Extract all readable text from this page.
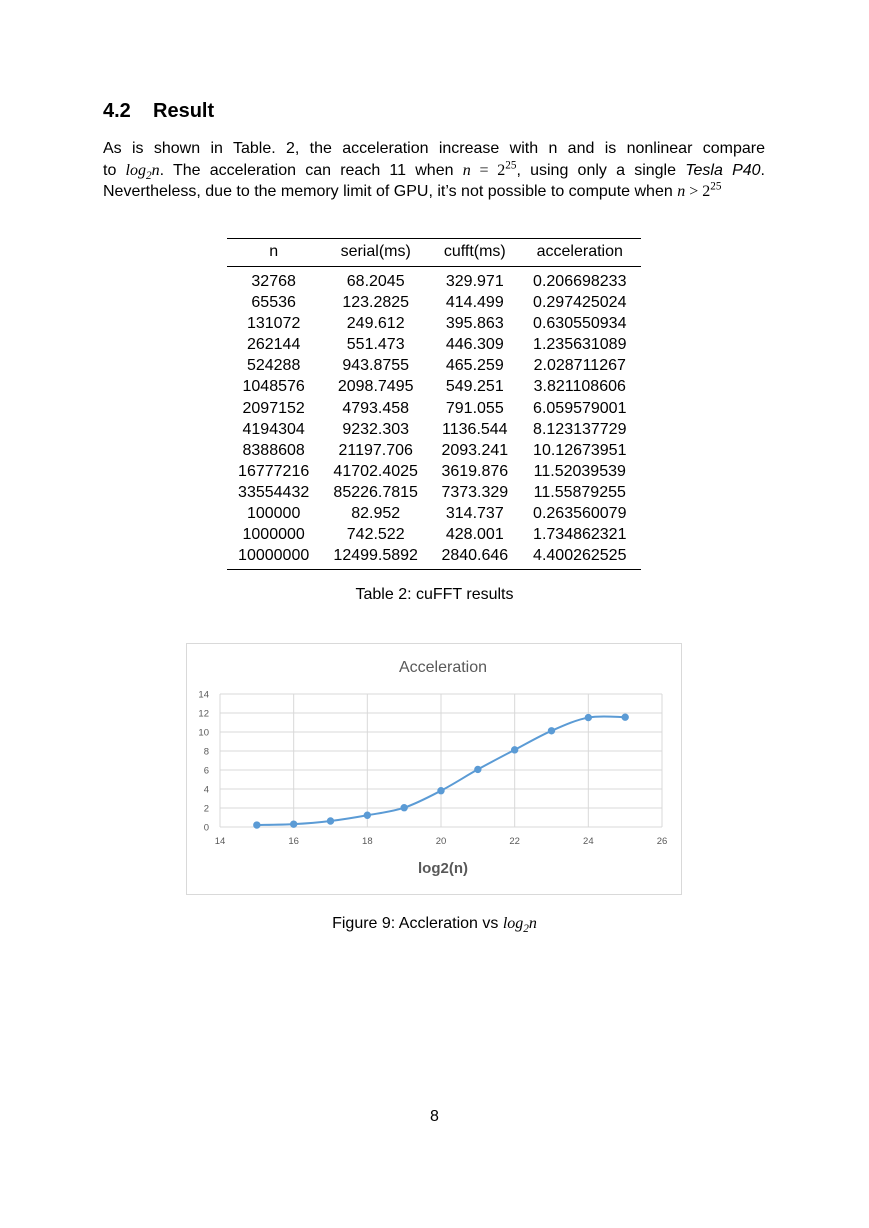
4.2 Result
As is shown in Table. 2, the acceleration increase with n and is nonlinear compare
to $\log_2n$. The acceleration can reach 11 when $n = 2^{25}$, using only a single Tesla P40.
Nevertheless, due to the memory limit of GPU, it’s not possible to compute when $n > 2^{25}$
n	serial(ms)	cufft(ms)	acceleration
32768	68.2045	329.971	0.206698233
65536	123.2825	414.499	0.297425024
131072	249.612	395.863	0.630550934
262144	551.473	446.309	1.235631089
524288	943.8755	465.259	2.028711267
1048576	2098.7495	549.251	3.821108606
2097152	4793.458	791.055	6.059579001
4194304	9232.303	1136.544	8.123137729
8388608	21197.706	2093.241	10.12673951
16777216	41702.4025	3619.876	11.52039539
33554432	85226.7815	7373.329	11.55879255
100000	82.952	314.737	0.263560079
1000000	742.522	428.001	1.734862321
10000000	12499.5892	2840.646	4.400262525
Table 2: cuFFT results
Acceleration
0
2
4
6
8
10
12
14
14	16	18	20	22	24	26
log2(n)
Figure 9: Accleration vs $\log_2n$
8
